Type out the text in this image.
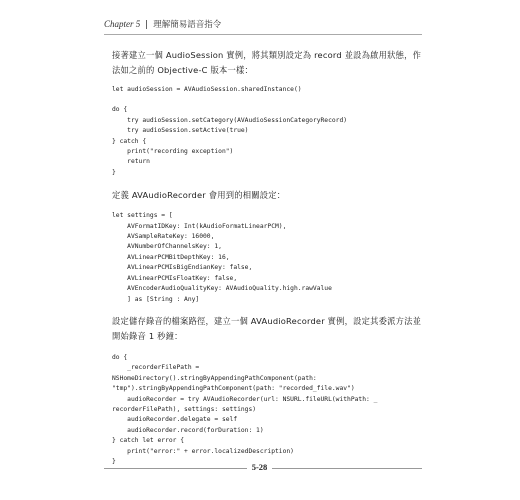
Chapter 5 理解簡易語音指令

接著建立一個 AudioSession 實例，將其類別設定為 record 並設為啟用狀態，作法如之前的 Objective-C 版本一樣：

let audioSession = AVAudioSession.sharedInstance()
do {
try audioSession.setCategory(AVAudioSessionCategoryRecord)
try audioSession.setActive(true)
} catch {
print("recording exception")
return
}

定義 AVAudioRecorder 會用到的相關設定：

let settings = [
AVFormatIDKey: Int(kAudioFormatLinearPCM),
AVSampleRateKey: 16000,
AVNumberOfChannelsKey: 1,
AVLinearPCMBitDepthKey: 16,
AVLinearPCMIsBigEndianKey: false,
AVLinearPCMIsFloatKey: false,
AVEncoderAudioQualityKey: AVAudioQuality.high.rawValue
] as [String : Any]

設定儲存錄音的檔案路徑，建立一個 AVAudioRecorder 實例，設定其委派方法並開始錄音 1 秒鐘：

do {
_recorderFilePath =
NSHomeDirectory().stringByAppendingPathComponent(path:
"tmp").stringByAppendingPathComponent(path: "recorded_file.wav")
audioRecorder = try AVAudioRecorder(url: NSURL.fileURL(withPath: _
recorderFilePath), settings: settings)
audioRecorder.delegate = self
audioRecorder.record(forDuration: 1)
} catch let error {
print("error:" + error.localizedDescription)
}
5-28
